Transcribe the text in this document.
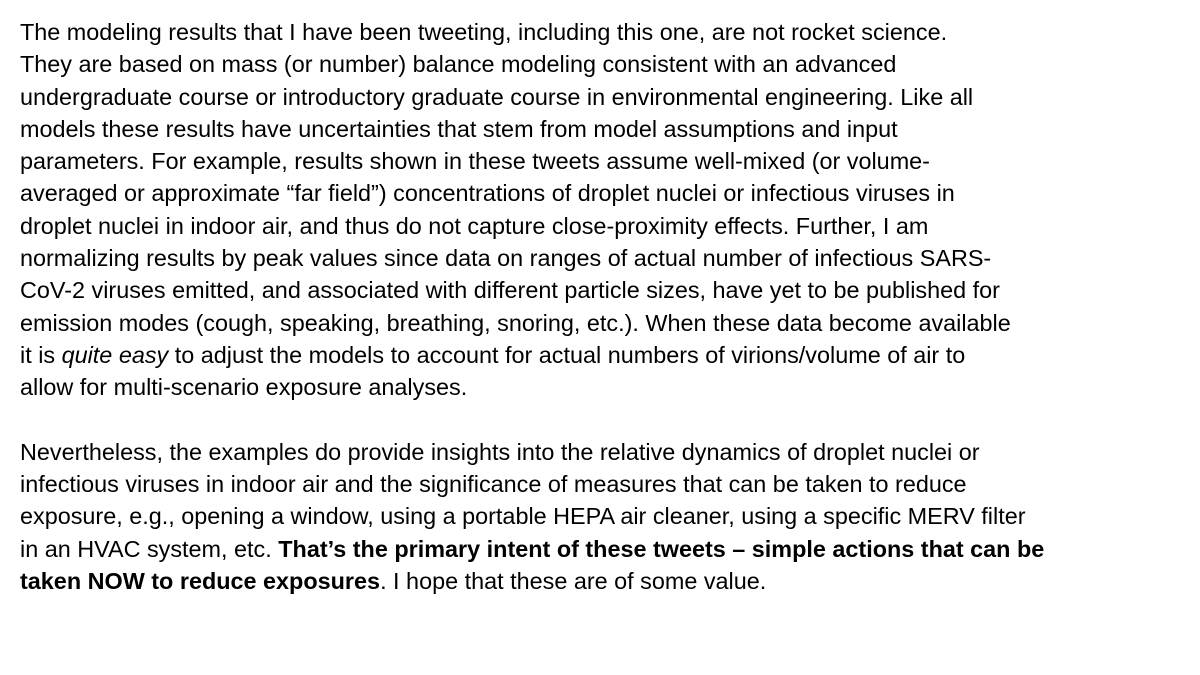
The modeling results that I have been tweeting, including this one, are not rocket science.
They are based on mass (or number) balance modeling consistent with an advanced
undergraduate course or introductory graduate course in environmental engineering. Like all
models these results have uncertainties that stem from model assumptions and input
parameters. For example, results shown in these tweets assume well-mixed (or volume-
averaged or approximate “far field”) concentrations of droplet nuclei or infectious viruses in
droplet nuclei in indoor air, and thus do not capture close-proximity effects. Further, I am
normalizing results by peak values since data on ranges of actual number of infectious SARS-
CoV-2 viruses emitted, and associated with different particle sizes, have yet to be published for
emission modes (cough, speaking, breathing, snoring, etc.). When these data become available
it is quite easy to adjust the models to account for actual numbers of virions/volume of air to
allow for multi-scenario exposure analyses.

Nevertheless, the examples do provide insights into the relative dynamics of droplet nuclei or
infectious viruses in indoor air and the significance of measures that can be taken to reduce
exposure, e.g., opening a window, using a portable HEPA air cleaner, using a specific MERV filter
in an HVAC system, etc. That’s the primary intent of these tweets – simple actions that can be
taken NOW to reduce exposures. I hope that these are of some value.
